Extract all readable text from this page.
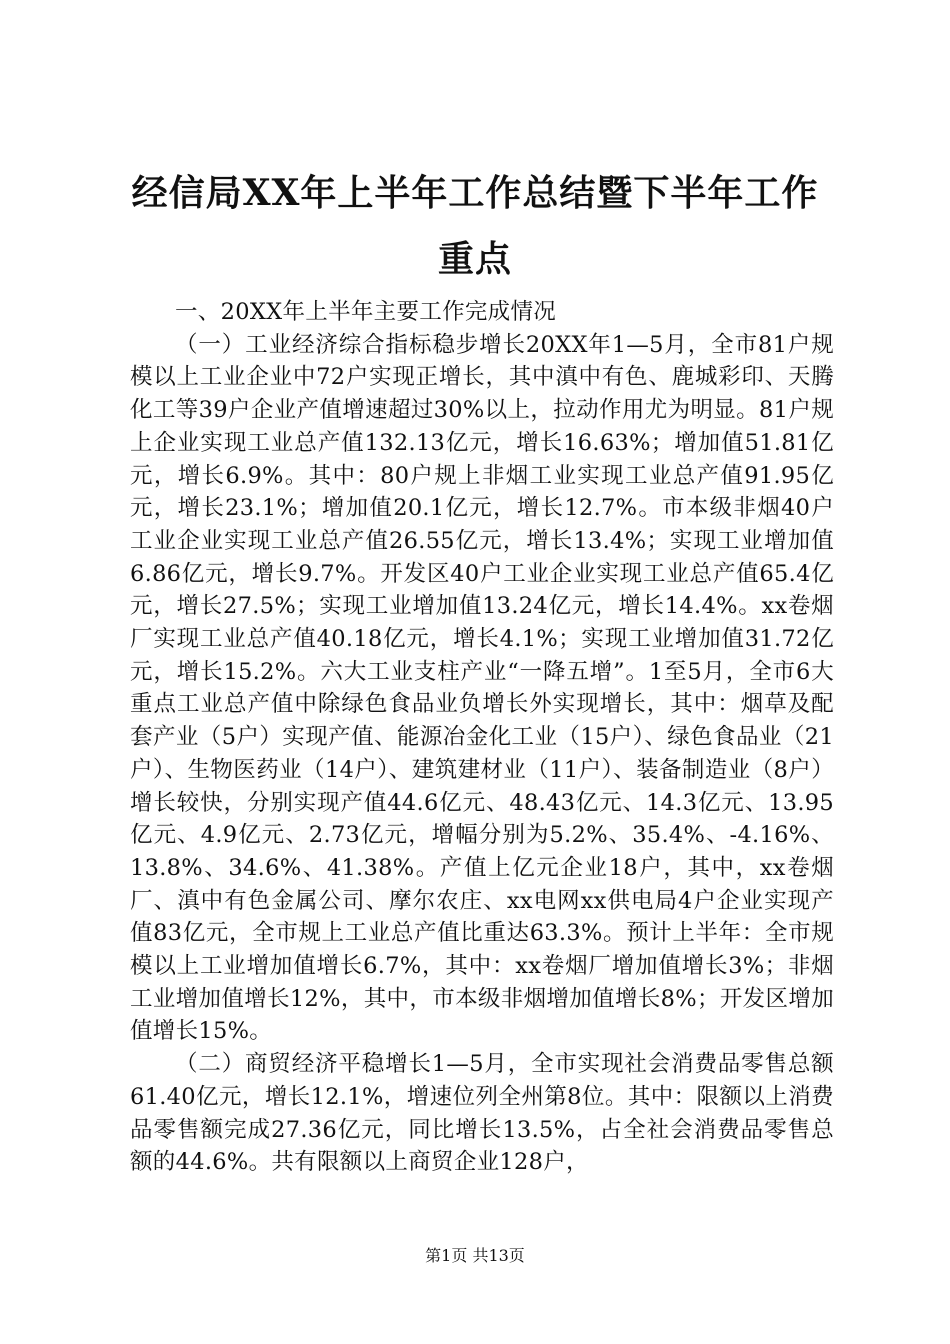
经信局XX年上半年工作总结暨下半年工作重点

一、20XX年上半年主要工作完成情况

（一）工业经济综合指标稳步增长20XX年1—5月，全市81户规模以上工业企业中72户实现正增长，其中滇中有色、鹿城彩印、天腾化工等39户企业产值增速超过30%以上，拉动作用尤为明显。81户规上企业实现工业总产值132.13亿元，增长16.63%；增加值51.81亿元，增长6.9%。其中：80户规上非烟工业实现工业总产值91.95亿元，增长23.1%；增加值20.1亿元，增长12.7%。市本级非烟40户工业企业实现工业总产值26.55亿元，增长13.4%；实现工业增加值6.86亿元，增长9.7%。开发区40户工业企业实现工业总产值65.4亿元，增长27.5%；实现工业增加值13.24亿元，增长14.4%。xx卷烟厂实现工业总产值40.18亿元，增长4.1%；实现工业增加值31.72亿元，增长15.2%。六大工业支柱产业“一降五增”。1至5月，全市6大重点工业总产值中除绿色食品业负增长外实现增长，其中：烟草及配套产业（5户）实现产值、能源冶金化工业（15户）、绿色食品业（21户）、生物医药业（14户）、建筑建材业（11户）、装备制造业（8户）增长较快，分别实现产值44.6亿元、48.43亿元、14.3亿元、13.95亿元、4.9亿元、2.73亿元，增幅分别为5.2%、35.4%、-4.16%、13.8%、34.6%、41.38%。产值上亿元企业18户，其中，xx卷烟厂、滇中有色金属公司、摩尔农庄、xx电网xx供电局4户企业实现产值83亿元，全市规上工业总产值比重达63.3%。预计上半年：全市规模以上工业增加值增长6.7%，其中：xx卷烟厂增加值增长3%；非烟工业增加值增长12%，其中，市本级非烟增加值增长8%；开发区增加值增长15%。

（二）商贸经济平稳增长1—5月，全市实现社会消费品零售总额61.40亿元，增长12.1%，增速位列全州第8位。其中：限额以上消费品零售额完成27.36亿元，同比增长13.5%，占全社会消费品零售总额的44.6%。共有限额以上商贸企业128户，

第1页 共13页
